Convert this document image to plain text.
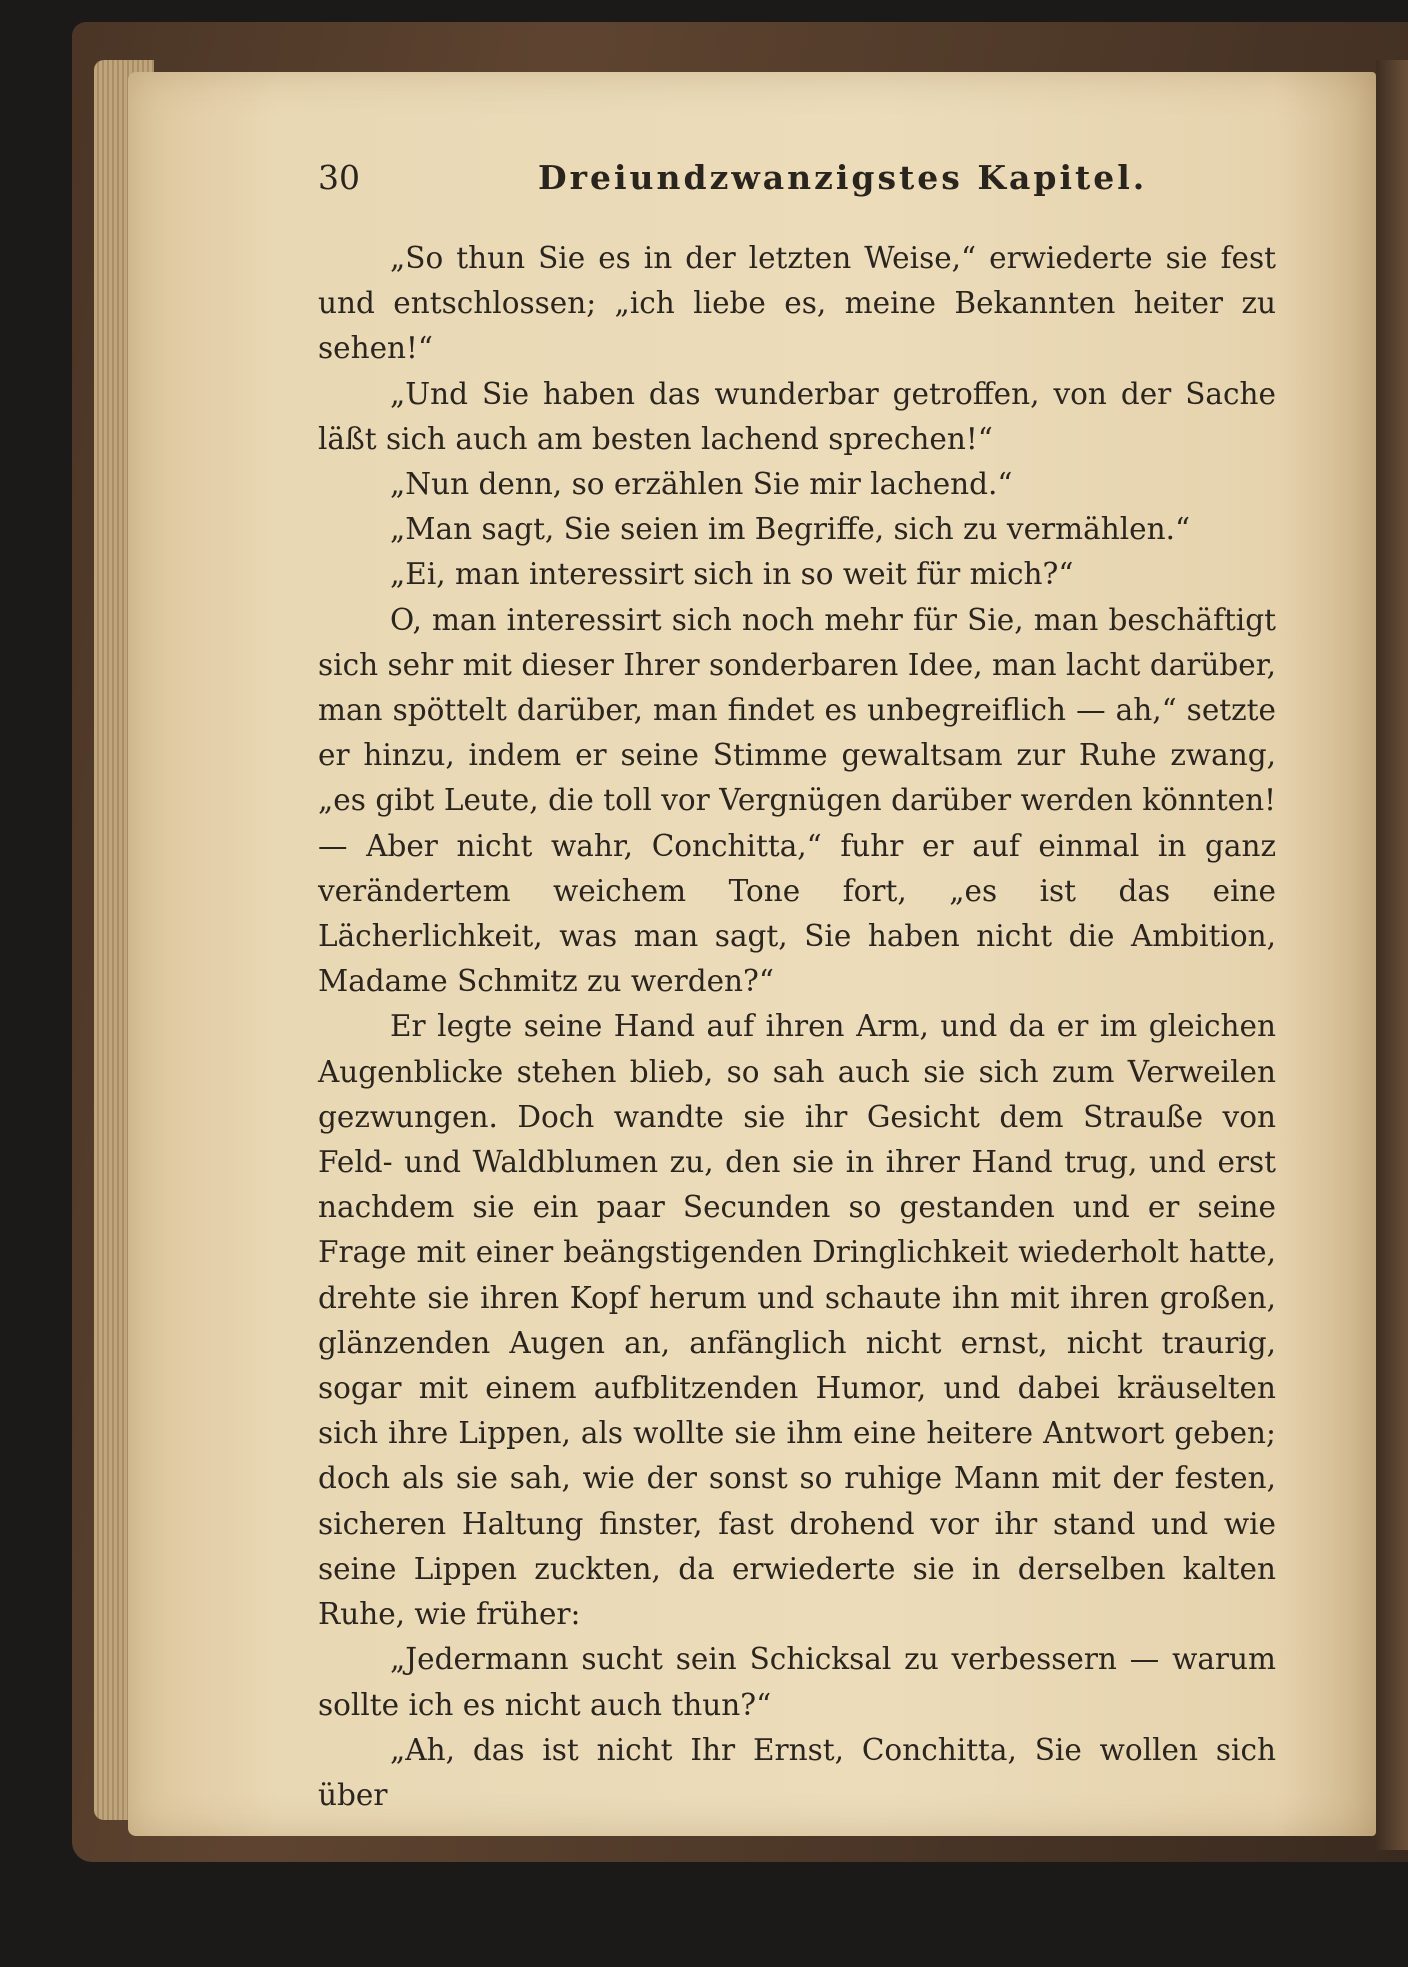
30	Dreiundzwanzigstes Kapitel.

„So thun Sie es in der letzten Weise,“ erwiederte sie fest und entschlossen; „ich liebe es, meine Bekannten heiter zu sehen!“

„Und Sie haben das wunderbar getroffen, von der Sache läßt sich auch am besten lachend sprechen!“

„Nun denn, so erzählen Sie mir lachend.“

„Man sagt, Sie seien im Begriffe, sich zu vermählen.“

„Ei, man interessirt sich in so weit für mich?“

O, man interessirt sich noch mehr für Sie, man beschäftigt sich sehr mit dieser Ihrer sonderbaren Idee, man lacht darüber, man spöttelt darüber, man findet es unbegreiflich — ah,“ setzte er hinzu, indem er seine Stimme gewaltsam zur Ruhe zwang, „es gibt Leute, die toll vor Vergnügen darüber werden könnten! — Aber nicht wahr, Conchitta,“ fuhr er auf einmal in ganz verändertem weichem Tone fort, „es ist das eine Lächerlichkeit, was man sagt, Sie haben nicht die Ambition, Madame Schmitz zu werden?“

Er legte seine Hand auf ihren Arm, und da er im gleichen Augenblicke stehen blieb, so sah auch sie sich zum Verweilen gezwungen. Doch wandte sie ihr Gesicht dem Strauße von Feld- und Waldblumen zu, den sie in ihrer Hand trug, und erst nachdem sie ein paar Secunden so gestanden und er seine Frage mit einer beängstigenden Dringlichkeit wiederholt hatte, drehte sie ihren Kopf herum und schaute ihn mit ihren großen, glänzenden Augen an, anfänglich nicht ernst, nicht traurig, sogar mit einem aufblitzenden Humor, und dabei kräuselten sich ihre Lippen, als wollte sie ihm eine heitere Antwort geben; doch als sie sah, wie der sonst so ruhige Mann mit der festen, sicheren Haltung finster, fast drohend vor ihr stand und wie seine Lippen zuckten, da erwiederte sie in derselben kalten Ruhe, wie früher:

„Jedermann sucht sein Schicksal zu verbessern — warum sollte ich es nicht auch thun?“

„Ah, das ist nicht Ihr Ernst, Conchitta, Sie wollen sich über
